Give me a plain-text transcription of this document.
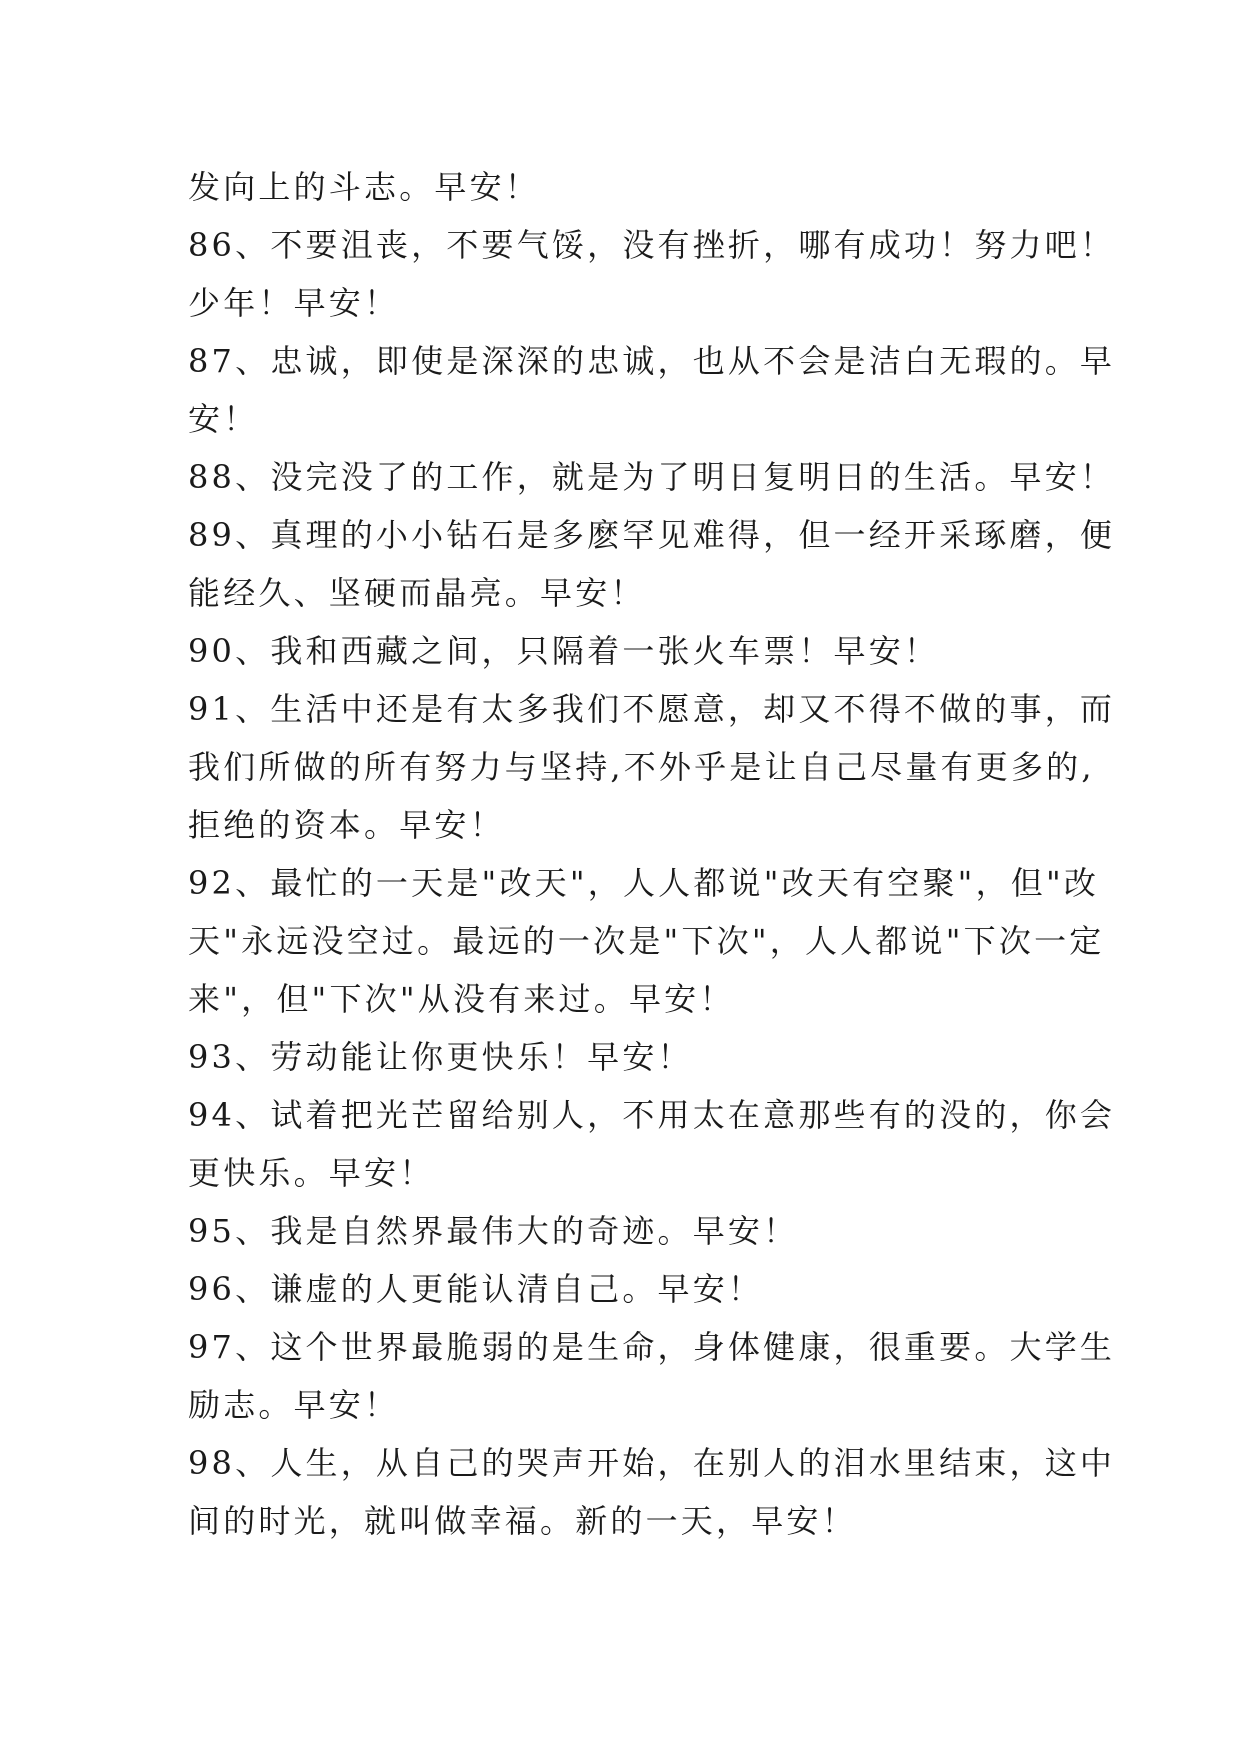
发向上的斗志。早安！
86、不要沮丧，不要气馁，没有挫折，哪有成功！努力吧！
少年！早安！
87、忠诚，即使是深深的忠诚，也从不会是洁白无瑕的。早
安！
88、没完没了的工作，就是为了明日复明日的生活。早安！
89、真理的小小钻石是多麽罕见难得，但一经开采琢磨，便
能经久、坚硬而晶亮。早安！
90、我和西藏之间，只隔着一张火车票！早安！
91、生活中还是有太多我们不愿意，却又不得不做的事，而
我们所做的所有努力与坚持,不外乎是让自己尽量有更多的,
拒绝的资本。早安！
92、最忙的一天是"改天"，人人都说"改天有空聚"，但"改
天"永远没空过。最远的一次是"下次"，人人都说"下次一定
来"，但"下次"从没有来过。早安！
93、劳动能让你更快乐！早安！
94、试着把光芒留给别人，不用太在意那些有的没的，你会
更快乐。早安！
95、我是自然界最伟大的奇迹。早安！
96、谦虚的人更能认清自己。早安！
97、这个世界最脆弱的是生命，身体健康，很重要。大学生
励志。早安！
98、人生，从自己的哭声开始，在别人的泪水里结束，这中
间的时光，就叫做幸福。新的一天，早安！
